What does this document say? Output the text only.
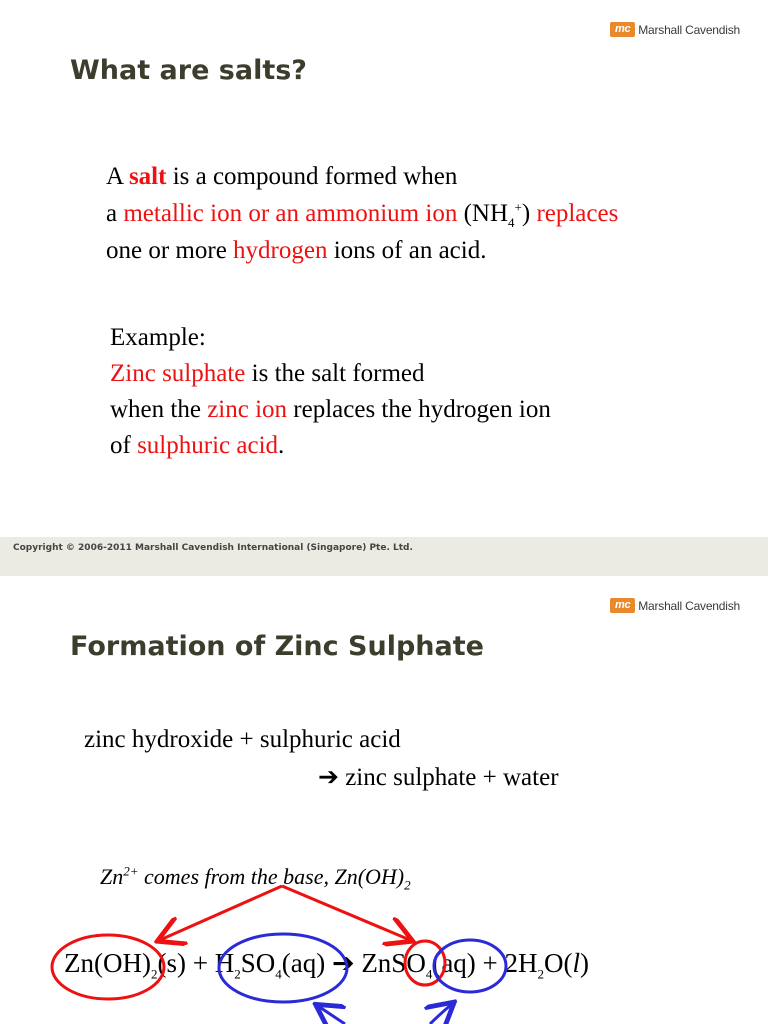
mc Marshall Cavendish
What are salts?

A salt is a compound formed when
a metallic ion or an ammonium ion $(NH_4^+)$ replaces
one or more hydrogen ions of an acid.

Example:
Zinc sulphate is the salt formed
when the zinc ion replaces the hydrogen ion
of sulphuric acid.

Copyright © 2006-2011 Marshall Cavendish International (Singapore) Pte. Ltd.
mc Marshall Cavendish
Formation of Zinc Sulphate

zinc hydroxide + sulphuric acid

➔ zinc sulphate + water

$Zn^{2+}$ comes from the base, $Zn(OH)_2$

$Zn(OH)_2(s) + H_2SO_4(aq)$ ➔ ZnSO$_4$(aq) + $2H_2O(l)$
